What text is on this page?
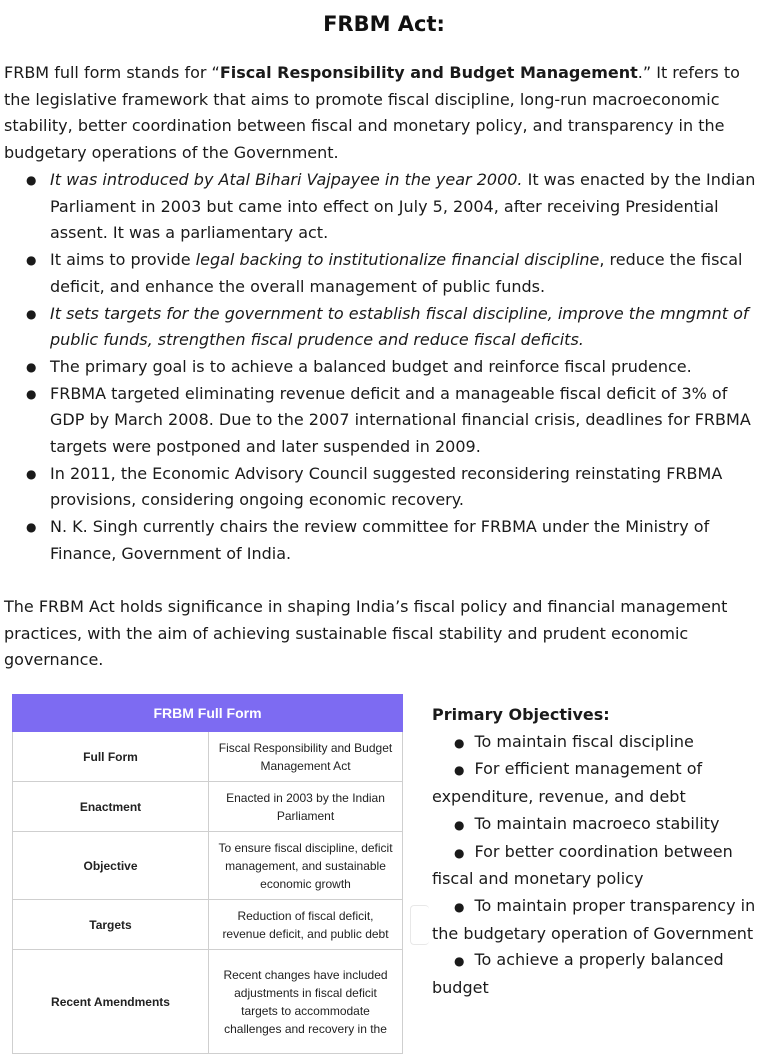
FRBM Act:

FRBM full form stands for “Fiscal Responsibility and Budget Management.” It refers to the legislative framework that aims to promote fiscal discipline, long-run macroeconomic stability, better coordination between fiscal and monetary policy, and transparency in the budgetary operations of the Government.

● It was introduced by Atal Bihari Vajpayee in the year 2000. It was enacted by the Indian Parliament in 2003 but came into effect on July 5, 2004, after receiving Presidential assent. It was a parliamentary act.
● It aims to provide legal backing to institutionalize financial discipline, reduce the fiscal deficit, and enhance the overall management of public funds.
● It sets targets for the government to establish fiscal discipline, improve the mngmnt of public funds, strengthen fiscal prudence and reduce fiscal deficits.
● The primary goal is to achieve a balanced budget and reinforce fiscal prudence.
● FRBMA targeted eliminating revenue deficit and a manageable fiscal deficit of 3% of GDP by March 2008. Due to the 2007 international financial crisis, deadlines for FRBMA targets were postponed and later suspended in 2009.
● In 2011, the Economic Advisory Council suggested reconsidering reinstating FRBMA provisions, considering ongoing economic recovery.
● N. K. Singh currently chairs the review committee for FRBMA under the Ministry of Finance, Government of India.

The FRBM Act holds significance in shaping India’s fiscal policy and financial management practices, with the aim of achieving sustainable fiscal stability and prudent economic governance.

FRBM Full Form	
Full Form	Fiscal Responsibility and Budget Management Act
Enactment	Enacted in 2003 by the Indian Parliament
Objective	To ensure fiscal discipline, deficit management, and sustainable economic growth
Targets	Reduction of fiscal deficit, revenue deficit, and public debt
Recent Amendments	Recent changes have included adjustments in fiscal deficit targets to accommodate challenges and recovery in the
Primary Objectives:
● To maintain fiscal discipline
● For efficient management of expenditure, revenue, and debt
● To maintain macroeco stability
● For better coordination between fiscal and monetary policy
● To maintain proper transparency in the budgetary operation of Government
● To achieve a properly balanced budget
